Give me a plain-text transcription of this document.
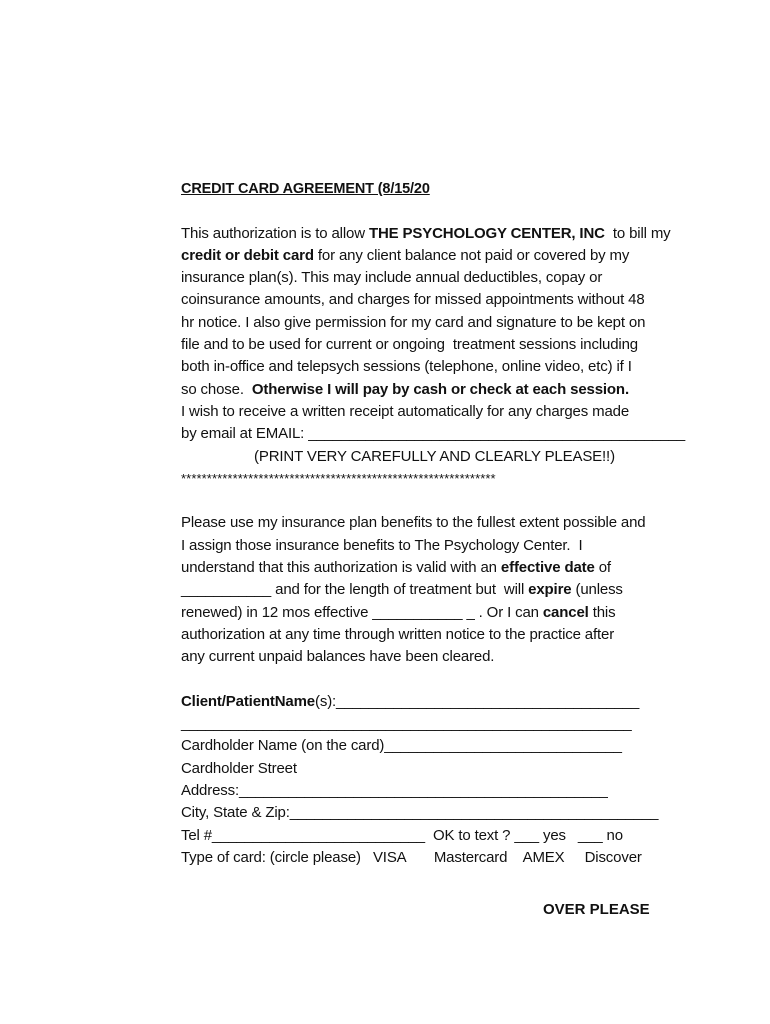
CREDIT CARD AGREEMENT (8/15/20
This authorization is to allow THE PSYCHOLOGY CENTER, INC  to bill my
credit or debit card for any client balance not paid or covered by my
insurance plan(s). This may include annual deductibles, copay or
coinsurance amounts, and charges for missed appointments without 48
hr notice. I also give permission for my card and signature to be kept on
file and to be used for current or ongoing  treatment sessions including
both in-office and telepsych sessions (telephone, online video, etc) if I
so chose.  Otherwise I will pay by cash or check at each session.
I wish to receive a written receipt automatically for any charges made
by email at EMAIL: ______________________________________________
(PRINT VERY CAREFULLY AND CLEARLY PLEASE!!)
*************************************************************
Please use my insurance plan benefits to the fullest extent possible and
I assign those insurance benefits to The Psychology Center.  I
understand that this authorization is valid with an effective date of
___________ and for the length of treatment but  will expire (unless
renewed) in 12 mos effective ___________ _ . Or I can cancel this
authorization at any time through written notice to the practice after
any current unpaid balances have been cleared.
Client/PatientName(s):_____________________________________
_______________________________________________________
Cardholder Name (on the card)_____________________________
Cardholder Street
Address:_____________________________________________
City, State & Zip:_____________________________________________
Tel #__________________________  OK to text ? ___ yes   ___ no
Type of card: (circle please)   VISA       Mastercard    AMEX     Discover
OVER PLEASE
